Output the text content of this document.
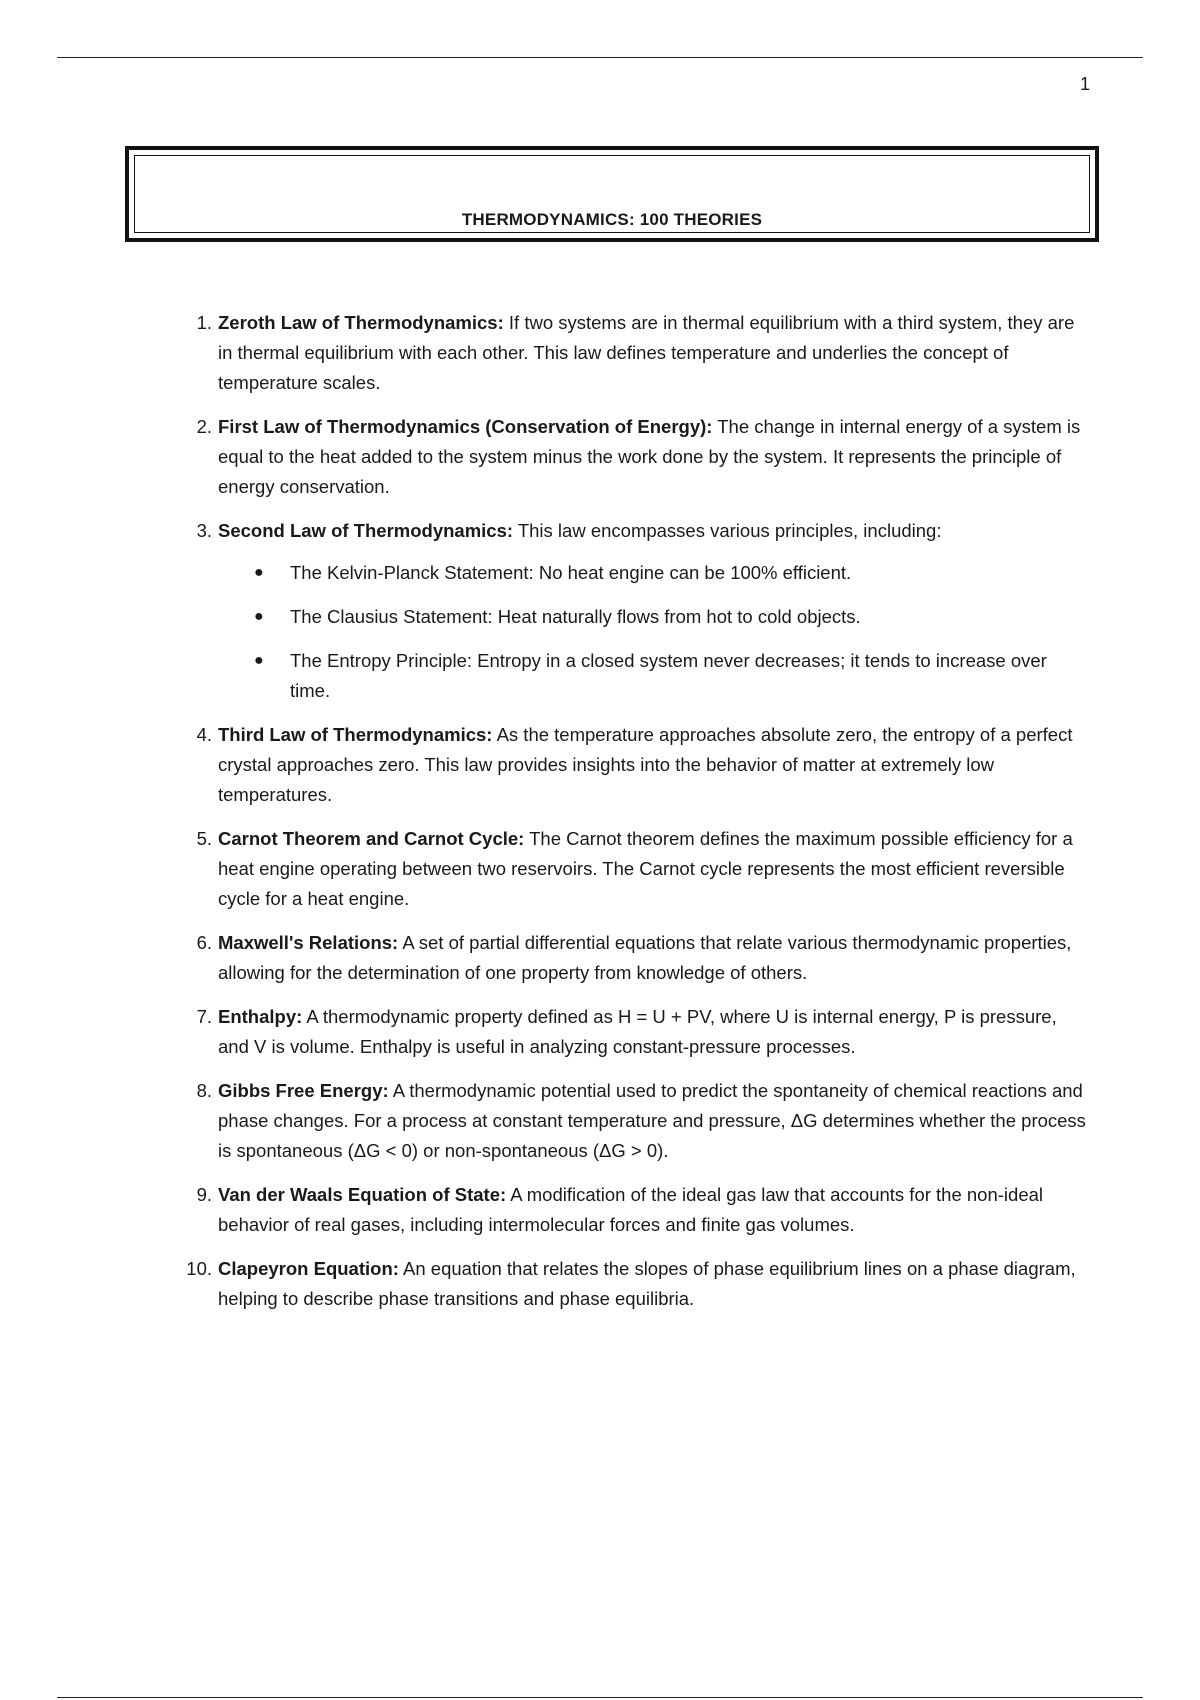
1
THERMODYNAMICS: 100 THEORIES
1. Zeroth Law of Thermodynamics: If two systems are in thermal equilibrium with a third system, they are in thermal equilibrium with each other. This law defines temperature and underlies the concept of temperature scales.
2. First Law of Thermodynamics (Conservation of Energy): The change in internal energy of a system is equal to the heat added to the system minus the work done by the system. It represents the principle of energy conservation.
3. Second Law of Thermodynamics: This law encompasses various principles, including:
● The Kelvin-Planck Statement: No heat engine can be 100% efficient.
● The Clausius Statement: Heat naturally flows from hot to cold objects.
● The Entropy Principle: Entropy in a closed system never decreases; it tends to increase over time.
4. Third Law of Thermodynamics: As the temperature approaches absolute zero, the entropy of a perfect crystal approaches zero. This law provides insights into the behavior of matter at extremely low temperatures.
5. Carnot Theorem and Carnot Cycle: The Carnot theorem defines the maximum possible efficiency for a heat engine operating between two reservoirs. The Carnot cycle represents the most efficient reversible cycle for a heat engine.
6. Maxwell's Relations: A set of partial differential equations that relate various thermodynamic properties, allowing for the determination of one property from knowledge of others.
7. Enthalpy: A thermodynamic property defined as H = U + PV, where U is internal energy, P is pressure, and V is volume. Enthalpy is useful in analyzing constant-pressure processes.
8. Gibbs Free Energy: A thermodynamic potential used to predict the spontaneity of chemical reactions and phase changes. For a process at constant temperature and pressure, ΔG determines whether the process is spontaneous (ΔG < 0) or non-spontaneous (ΔG > 0).
9. Van der Waals Equation of State: A modification of the ideal gas law that accounts for the non-ideal behavior of real gases, including intermolecular forces and finite gas volumes.
10. Clapeyron Equation: An equation that relates the slopes of phase equilibrium lines on a phase diagram, helping to describe phase transitions and phase equilibria.
